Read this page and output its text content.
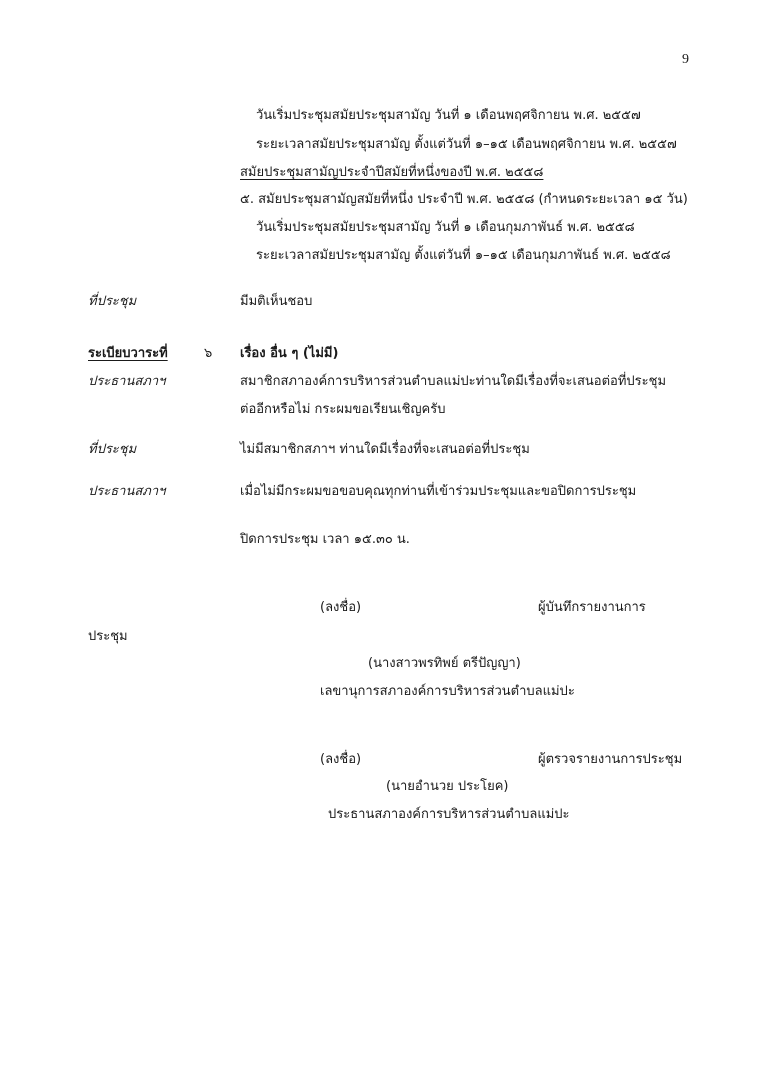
9
วันเริ่มประชุมสมัยประชุมสามัญ วันที่ ๑ เดือนพฤศจิกายน พ.ศ. ๒๕๕๗
ระยะเวลาสมัยประชุมสามัญ ตั้งแต่วันที่ ๑–๑๕ เดือนพฤศจิกายน พ.ศ. ๒๕๕๗
สมัยประชุมสามัญประจำปีสมัยที่หนึ่งของปี พ.ศ. ๒๕๕๘
๕. สมัยประชุมสามัญสมัยที่หนึ่ง ประจำปี พ.ศ. ๒๕๕๘ (กำหนดระยะเวลา ๑๕ วัน)
วันเริ่มประชุมสมัยประชุมสามัญ วันที่ ๑ เดือนกุมภาพันธ์ พ.ศ. ๒๕๕๘
ระยะเวลาสมัยประชุมสามัญ ตั้งแต่วันที่ ๑–๑๕ เดือนกุมภาพันธ์ พ.ศ. ๒๕๕๘
ที่ประชุม	มีมติเห็นชอบ
ระเบียบวาระที่	๖ เรื่อง อื่น ๆ (ไม่มี)
ประธานสภาฯ	สมาชิกสภาองค์การบริหารส่วนตำบลแม่ปะท่านใดมีเรื่องที่จะเสนอต่อที่ประชุม
ต่ออีกหรือไม่ กระผมขอเรียนเชิญครับ
ที่ประชุม	ไม่มีสมาชิกสภาฯ ท่านใดมีเรื่องที่จะเสนอต่อที่ประชุม
ประธานสภาฯ	เมื่อไม่มีกระผมขอขอบคุณทุกท่านที่เข้าร่วมประชุมและขอปิดการประชุม
ปิดการประชุม เวลา ๑๕.๓๐ น.
(ลงชื่อ)	ผู้บันทึกรายงานการ
ประชุม
(นางสาวพรทิพย์ ตรีปัญญา)
เลขานุการสภาองค์การบริหารส่วนตำบลแม่ปะ
(ลงชื่อ)	ผู้ตรวจรายงานการประชุม
(นายอำนวย ประโยค)
ประธานสภาองค์การบริหารส่วนตำบลแม่ปะ
